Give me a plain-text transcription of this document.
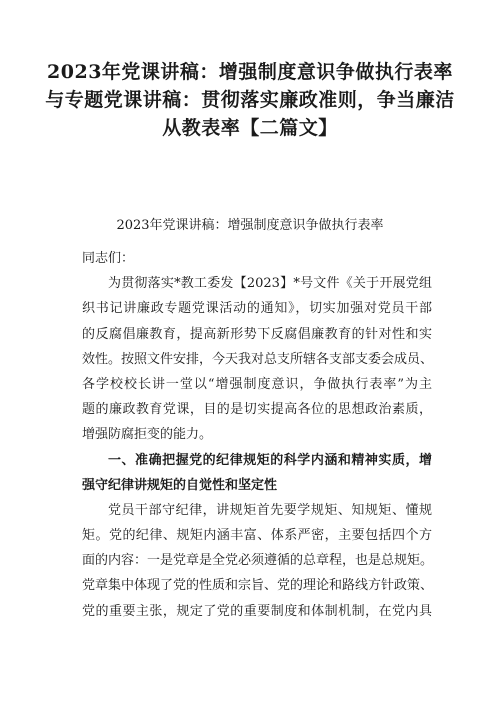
2023年党课讲稿：增强制度意识争做执行表率
与专题党课讲稿：贯彻落实廉政准则，争当廉洁
从教表率【二篇文】
2023年党课讲稿：增强制度意识争做执行表率
同志们：
为贯彻落实*教工委发【2023】*号文件《关于开展党组
织书记讲廉政专题党课活动的通知》，切实加强对党员干部
的反腐倡廉教育，提高新形势下反腐倡廉教育的针对性和实
效性。按照文件安排，今天我对总支所辖各支部支委会成员、
各学校校长讲一堂以“增强制度意识，争做执行表率”为主
题的廉政教育党课，目的是切实提高各位的思想政治素质，
增强防腐拒变的能力。
一、准确把握党的纪律规矩的科学内涵和精神实质，增
强守纪律讲规矩的自觉性和坚定性
党员干部守纪律，讲规矩首先要学规矩、知规矩、懂规
矩。党的纪律、规矩内涵丰富、体系严密，主要包括四个方
面的内容：一是党章是全党必须遵循的总章程，也是总规矩。
党章集中体现了党的性质和宗旨、党的理论和路线方针政策、
党的重要主张，规定了党的重要制度和体制机制，在党内具
